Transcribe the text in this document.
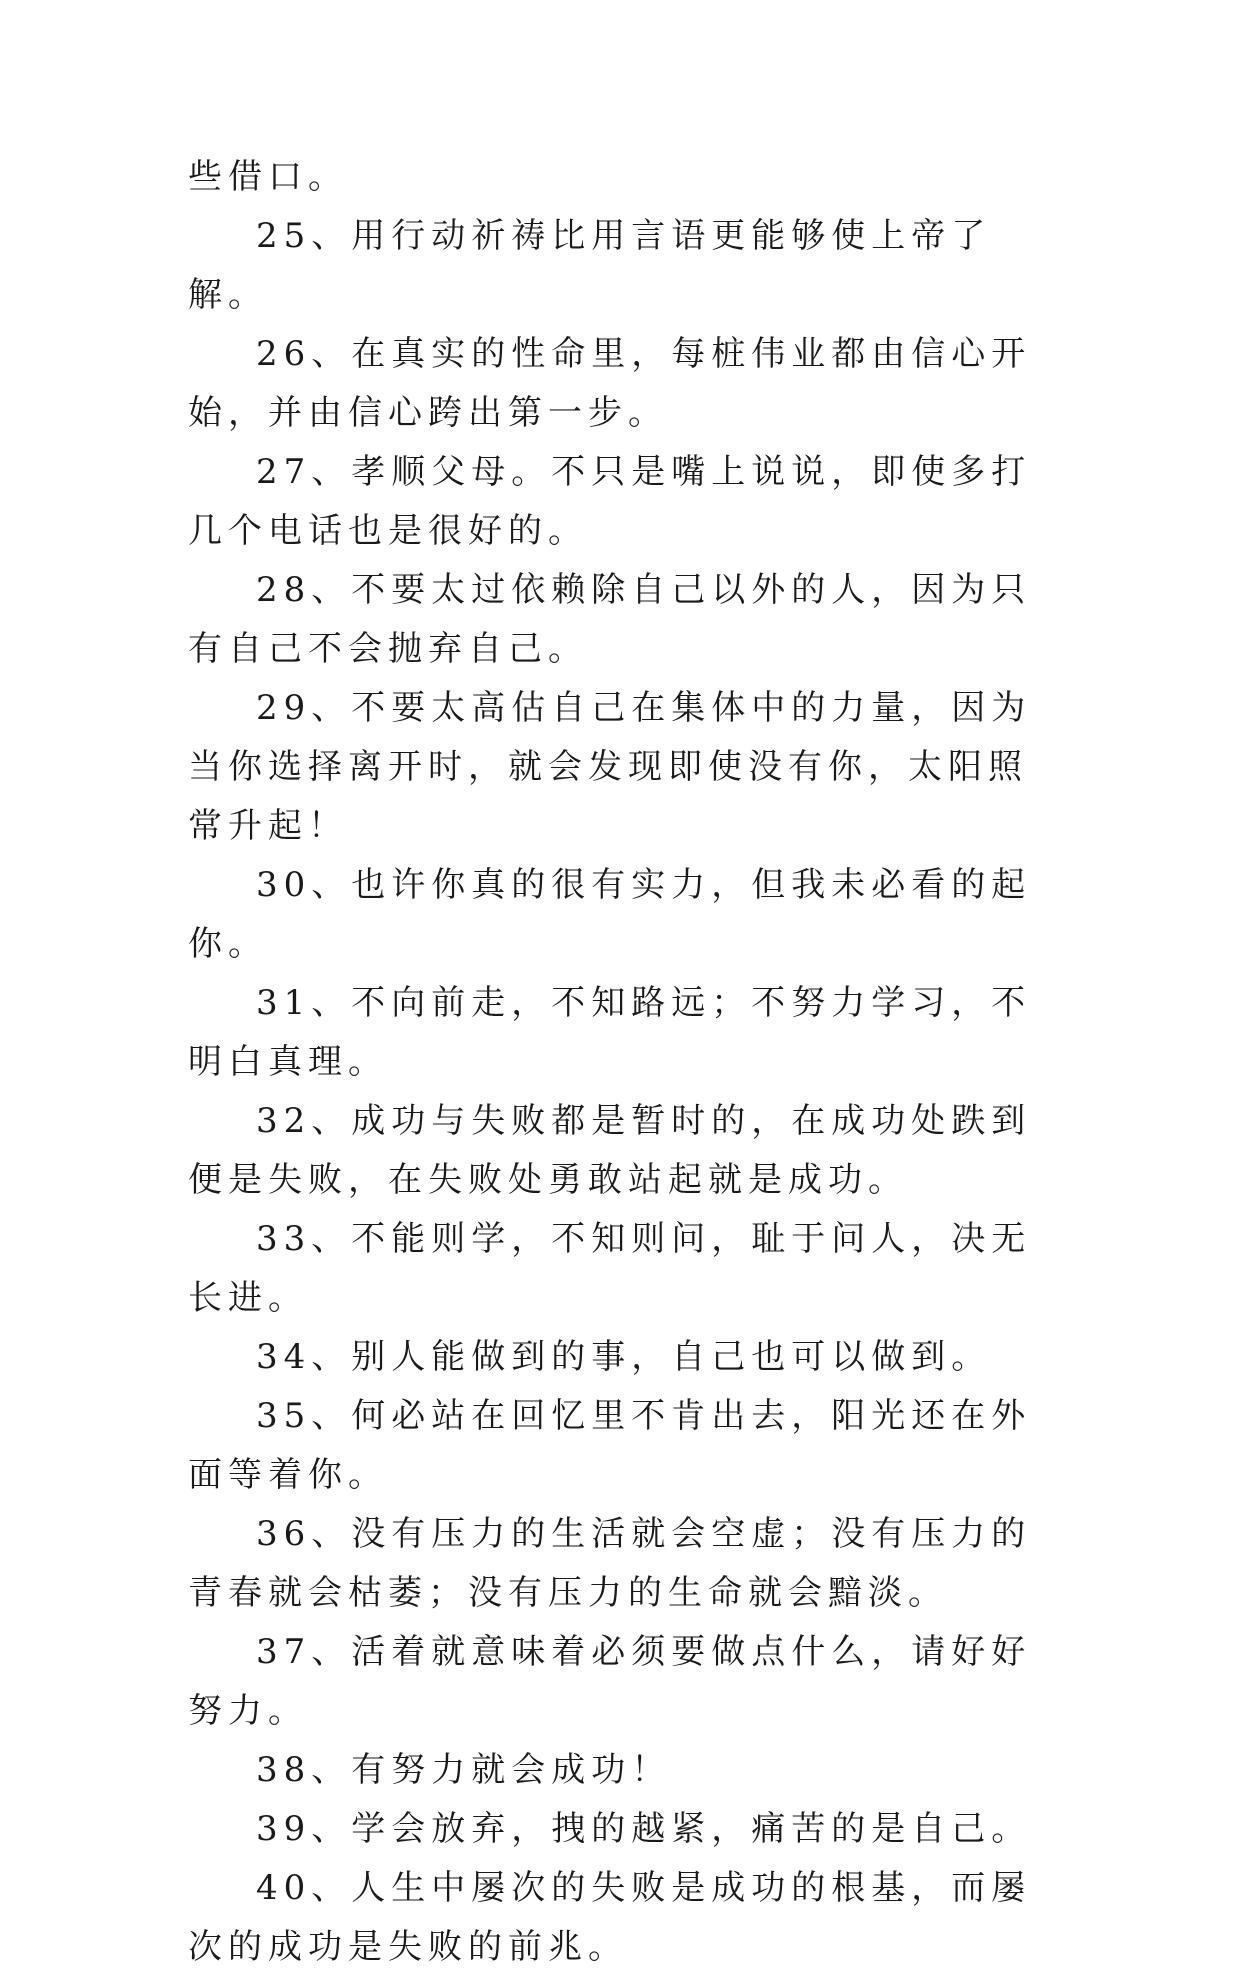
些借口。

25、用行动祈祷比用言语更能够使上帝了解。

26、在真实的性命里，每桩伟业都由信心开始，并由信心跨出第一步。

27、孝顺父母。不只是嘴上说说，即使多打几个电话也是很好的。

28、不要太过依赖除自己以外的人，因为只有自己不会抛弃自己。

29、不要太高估自己在集体中的力量，因为当你选择离开时，就会发现即使没有你，太阳照常升起！

30、也许你真的很有实力，但我未必看的起你。

31、不向前走，不知路远；不努力学习，不明白真理。

32、成功与失败都是暂时的，在成功处跌到便是失败，在失败处勇敢站起就是成功。

33、不能则学，不知则问，耻于问人，决无长进。

34、别人能做到的事，自己也可以做到。

35、何必站在回忆里不肯出去，阳光还在外面等着你。

36、没有压力的生活就会空虚；没有压力的青春就会枯萎；没有压力的生命就会黯淡。

37、活着就意味着必须要做点什么，请好好努力。

38、有努力就会成功！

39、学会放弃，拽的越紧，痛苦的是自己。

40、人生中屡次的失败是成功的根基，而屡次的成功是失败的前兆。
